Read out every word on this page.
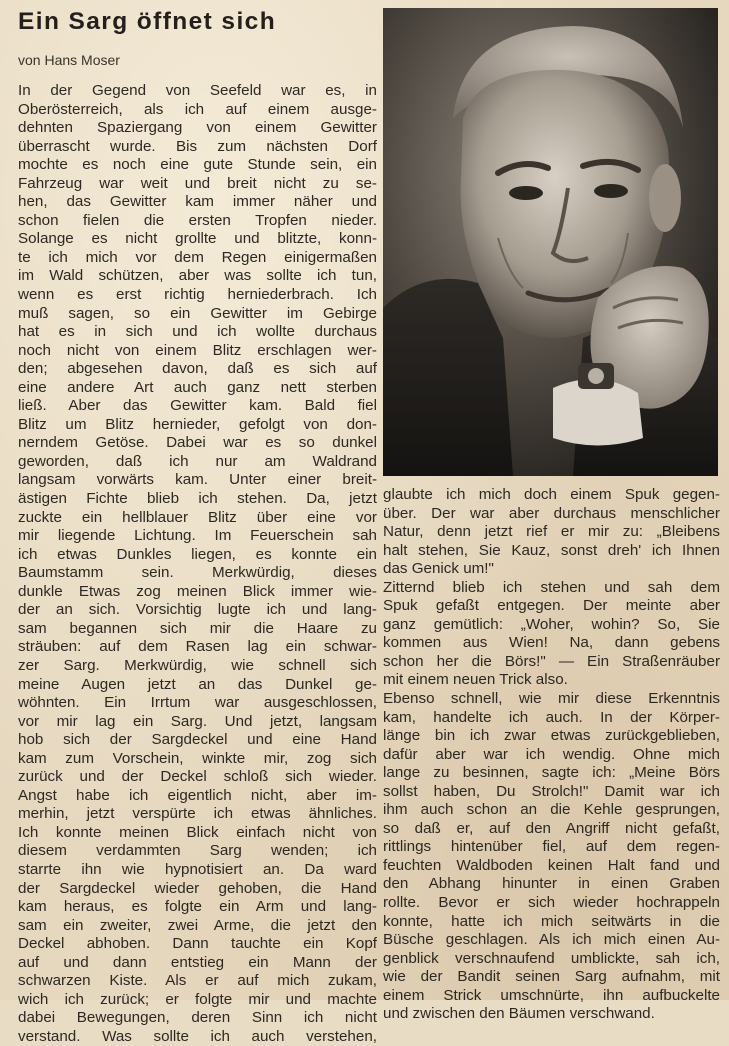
Ein Sarg öffnet sich
von Hans Moser
In der Gegend von Seefeld war es, in
Oberösterreich, als ich auf einem ausge-
dehnten Spaziergang von einem Gewitter
überrascht wurde. Bis zum nächsten Dorf
mochte es noch eine gute Stunde sein, ein
Fahrzeug war weit und breit nicht zu se-
hen, das Gewitter kam immer näher und
schon fielen die ersten Tropfen nieder.
Solange es nicht grollte und blitzte, konn-
te ich mich vor dem Regen einigermaßen
im Wald schützen, aber was sollte ich tun,
wenn es erst richtig herniederbrach. Ich
muß sagen, so ein Gewitter im Gebirge
hat es in sich und ich wollte durchaus
noch nicht von einem Blitz erschlagen wer-
den; abgesehen davon, daß es sich auf
eine andere Art auch ganz nett sterben
ließ. Aber das Gewitter kam. Bald fiel
Blitz um Blitz hernieder, gefolgt von don-
nerndem Getöse. Dabei war es so dunkel
geworden, daß ich nur am Waldrand
langsam vorwärts kam. Unter einer breit-
ästigen Fichte blieb ich stehen. Da, jetzt
zuckte ein hellblauer Blitz über eine vor
mir liegende Lichtung. Im Feuerschein sah
ich etwas Dunkles liegen, es konnte ein
Baumstamm sein. Merkwürdig, dieses
dunkle Etwas zog meinen Blick immer wie-
der an sich. Vorsichtig lugte ich und lang-
sam begannen sich mir die Haare zu
sträuben: auf dem Rasen lag ein schwar-
zer Sarg. Merkwürdig, wie schnell sich
meine Augen jetzt an das Dunkel ge-
wöhnten. Ein Irrtum war ausgeschlossen,
vor mir lag ein Sarg. Und jetzt, langsam
hob sich der Sargdeckel und eine Hand
kam zum Vorschein, winkte mir, zog sich
zurück und der Deckel schloß sich wieder.
Angst habe ich eigentlich nicht, aber im-
merhin, jetzt verspürte ich etwas ähnliches.
Ich konnte meinen Blick einfach nicht von
diesem verdammten Sarg wenden; ich
starrte ihn wie hypnotisiert an. Da ward
der Sargdeckel wieder gehoben, die Hand
kam heraus, es folgte ein Arm und lang-
sam ein zweiter, zwei Arme, die jetzt den
Deckel abhoben. Dann tauchte ein Kopf
auf und dann entstieg ein Mann der
schwarzen Kiste. Als er auf mich zukam,
wich ich zurück; er folgte mir und machte
dabei Bewegungen, deren Sinn ich nicht
verstand. Was sollte ich auch verstehen,
glaubte ich mich doch einem Spuk gegen-
über. Der war aber durchaus menschlicher
Natur, denn jetzt rief er mir zu: „Bleibens
halt stehen, Sie Kauz, sonst dreh' ich Ihnen
das Genick um!"
Zitternd blieb ich stehen und sah dem
Spuk gefaßt entgegen. Der meinte aber
ganz gemütlich: „Woher, wohin? So, Sie
kommen aus Wien! Na, dann gebens
schon her die Börs!" — Ein Straßenräuber
mit einem neuen Trick also.
Ebenso schnell, wie mir diese Erkenntnis
kam, handelte ich auch. In der Körper-
länge bin ich zwar etwas zurückgeblieben,
dafür aber war ich wendig. Ohne mich
lange zu besinnen, sagte ich: „Meine Börs
sollst haben, Du Strolch!" Damit war ich
ihm auch schon an die Kehle gesprungen,
so daß er, auf den Angriff nicht gefaßt,
rittlings hintenüber fiel, auf dem regen-
feuchten Waldboden keinen Halt fand und
den Abhang hinunter in einen Graben
rollte. Bevor er sich wieder hochrappeln
konnte, hatte ich mich seitwärts in die
Büsche geschlagen. Als ich mich einen Au-
genblick verschnaufend umblickte, sah ich,
wie der Bandit seinen Sarg aufnahm, mit
einem Strick umschnürte, ihn aufbuckelte
und zwischen den Bäumen verschwand.
